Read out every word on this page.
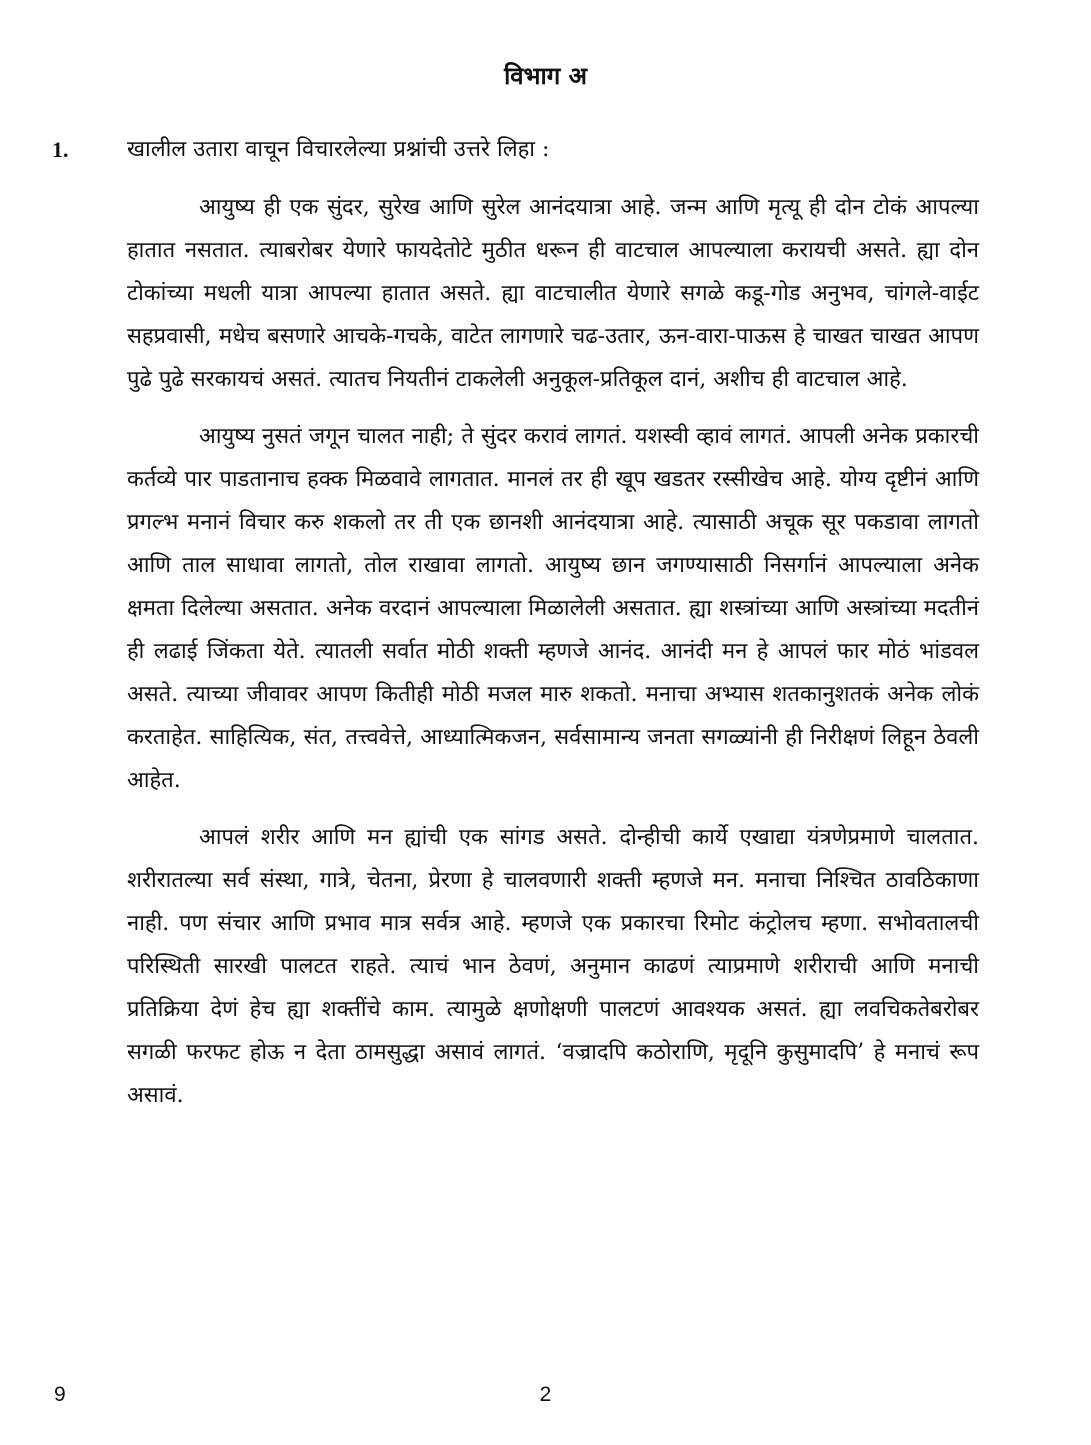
विभाग अ
1.	खालील उतारा वाचून विचारलेल्या प्रश्नांची उत्तरे लिहा :

आयुष्य ही एक सुंदर, सुरेख आणि सुरेल आनंदयात्रा आहे. जन्म आणि मृत्यू ही दोन टोकं आपल्या हातात नसतात. त्याबरोबर येणारे फायदेतोटे मुठीत धरून ही वाटचाल आपल्याला करायची असते. ह्या दोन टोकांच्या मधली यात्रा आपल्या हातात असते. ह्या वाटचालीत येणारे सगळे कडू-गोड अनुभव, चांगले-वाईट सहप्रवासी, मधेच बसणारे आचके-गचके, वाटेत लागणारे चढ-उतार, ऊन-वारा-पाऊस हे चाखत चाखत आपण पुढे पुढे सरकायचं असतं. त्यातच नियतीनं टाकलेली अनुकूल-प्रतिकूल दानं, अशीच ही वाटचाल आहे.

आयुष्य नुसतं जगून चालत नाही; ते सुंदर करावं लागतं. यशस्वी व्हावं लागतं. आपली अनेक प्रकारची कर्तव्ये पार पाडतानाच हक्क मिळवावे लागतात. मानलं तर ही खूप खडतर रस्सीखेच आहे. योग्य दृष्टीनं आणि प्रगल्भ मनानं विचार करु शकलो तर ती एक छानशी आनंदयात्रा आहे. त्यासाठी अचूक सूर पकडावा लागतो आणि ताल साधावा लागतो, तोल राखावा लागतो. आयुष्य छान जगण्यासाठी निसर्गानं आपल्याला अनेक क्षमता दिलेल्या असतात. अनेक वरदानं आपल्याला मिळालेली असतात. ह्या शस्त्रांच्या आणि अस्त्रांच्या मदतीनं ही लढाई जिंकता येते. त्यातली सर्वात मोठी शक्ती म्हणजे आनंद. आनंदी मन हे आपलं फार मोठं भांडवल असते. त्याच्या जीवावर आपण कितीही मोठी मजल मारु शकतो. मनाचा अभ्यास शतकानुशतकं अनेक लोकं करताहेत. साहित्यिक, संत, तत्त्ववेत्ते, आध्यात्मिकजन, सर्वसामान्य जनता सगळ्यांनी ही निरीक्षणं लिहून ठेवली आहेत.

आपलं शरीर आणि मन ह्यांची एक सांगड असते. दोन्हीची कार्ये एखाद्या यंत्रणेप्रमाणे चालतात. शरीरातल्या सर्व संस्था, गात्रे, चेतना, प्रेरणा हे चालवणारी शक्ती म्हणजे मन. मनाचा निश्चित ठावठिकाणा नाही. पण संचार आणि प्रभाव मात्र सर्वत्र आहे. म्हणजे एक प्रकारचा रिमोट कंट्रोलच म्हणा. सभोवतालची परिस्थिती सारखी पालटत राहते. त्याचं भान ठेवणं, अनुमान काढणं त्याप्रमाणे शरीराची आणि मनाची प्रतिक्रिया देणं हेच ह्या शक्तींचे काम. त्यामुळे क्षणोक्षणी पालटणं आवश्यक असतं. ह्या लवचिकतेबरोबर सगळी फरफट होऊ न देता ठामसुद्धा असावं लागतं. ‘वज्रादपि कठोराणि, मृदूनि कुसुमादपि’ हे मनाचं रूप असावं.

9	2
